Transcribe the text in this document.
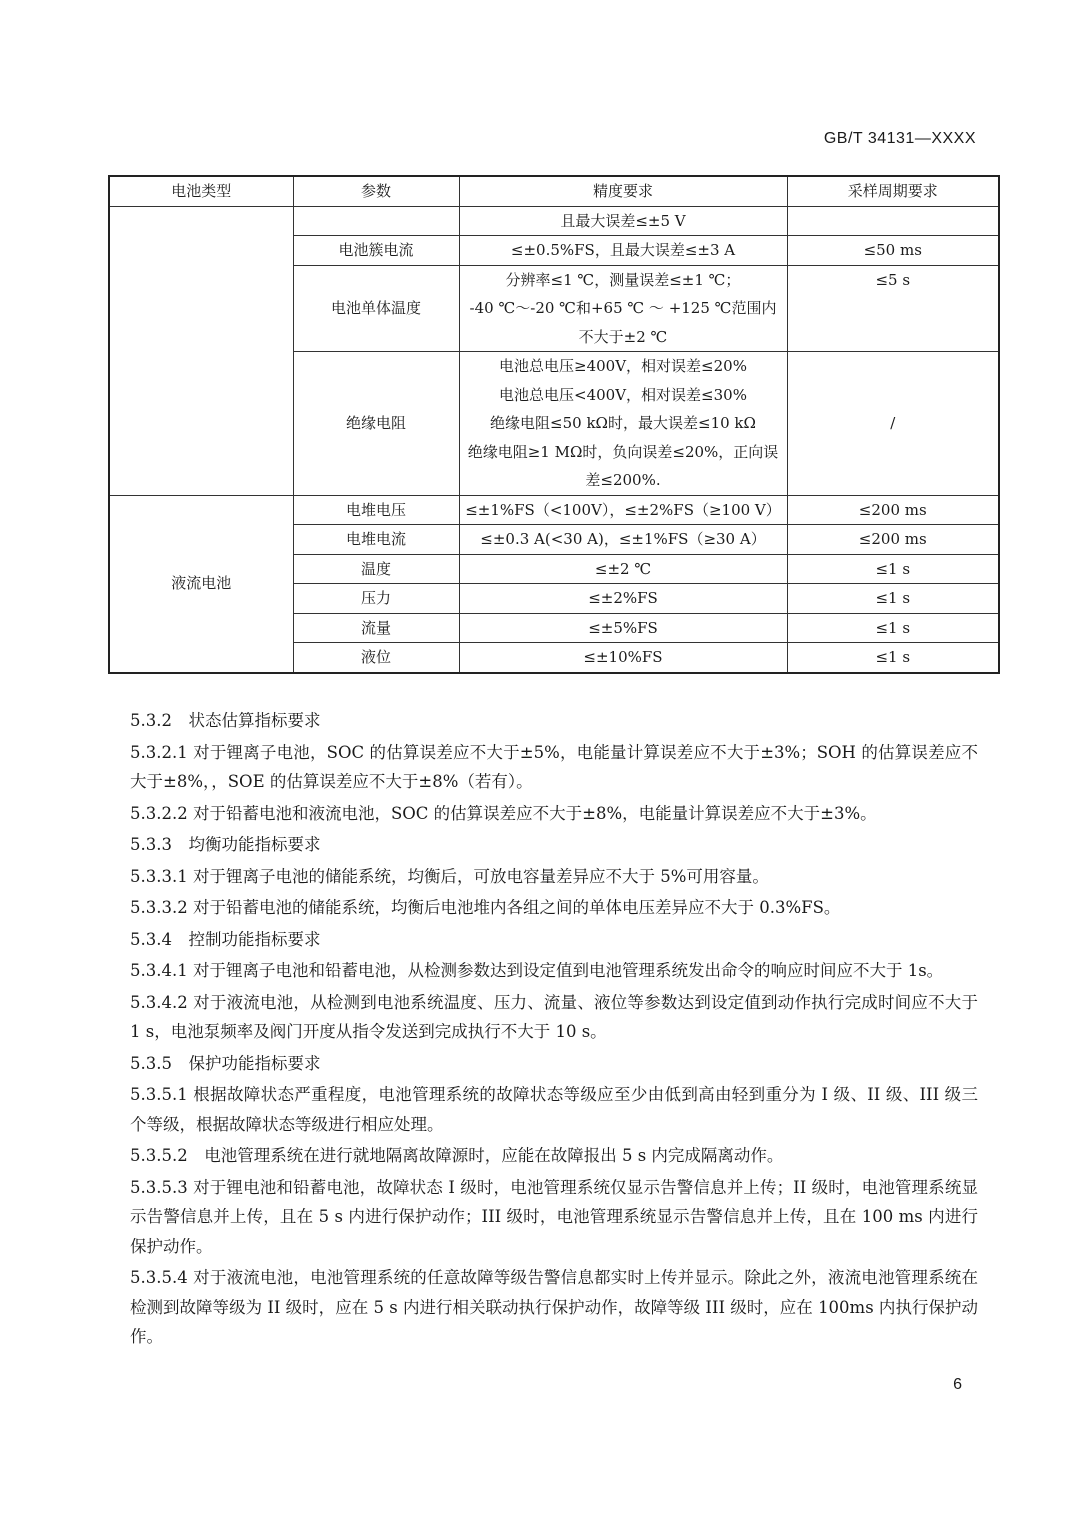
GB/T 34131—XXXX
电池类型	参数	精度要求	采样周期要求

		且最大误差≤±5 V	

	电池簇电流	≤±0.5%FS，且最大误差≤±3 A	≤50 ms
	电池单体温度	分辨率≤1 ℃，测量误差≤±1 ℃；
-40 ℃～-20 ℃和+65 ℃ ～ +125 ℃范围内
不大于±2 ℃	≤5 s
	绝缘电阻	电池总电压≥400V，相对误差≤20%
电池总电压<400V，相对误差≤30%
绝缘电阻≤50 kΩ时，最大误差≤10 kΩ
绝缘电阻≥1 MΩ时，负向误差≤20%，正向误
差≤200%.	/
液流电池	电堆电压	≤±1%FS（<100V），≤±2%FS（≥100 V）	≤200 ms
	电堆电流	≤±0.3 A(<30 A)，≤±1%FS（≥30 A）	≤200 ms
	温度	≤±2 ℃	≤1 s
	压力	≤±2%FS	≤1 s
	流量	≤±5%FS	≤1 s
	液位	≤±10%FS	≤1 s

5.3.2　状态估算指标要求

5.3.2.1 对于锂离子电池，SOC 的估算误差应不大于±5%，电能量计算误差应不大于±3%；SOH 的估算误差应不大于±8%，，SOE 的估算误差应不大于±8%（若有）。

5.3.2.2 对于铅蓄电池和液流电池，SOC 的估算误差应不大于±8%，电能量计算误差应不大于±3%。

5.3.3　均衡功能指标要求

5.3.3.1 对于锂离子电池的储能系统，均衡后，可放电容量差异应不大于 5%可用容量。

5.3.3.2 对于铅蓄电池的储能系统，均衡后电池堆内各组之间的单体电压差异应不大于 0.3%FS。

5.3.4　控制功能指标要求

5.3.4.1 对于锂离子电池和铅蓄电池，从检测参数达到设定值到电池管理系统发出命令的响应时间应不大于 1s。

5.3.4.2 对于液流电池，从检测到电池系统温度、压力、流量、液位等参数达到设定值到动作执行完成时间应不大于 1 s，电池泵频率及阀门开度从指令发送到完成执行不大于 10 s。

5.3.5　保护功能指标要求

5.3.5.1 根据故障状态严重程度，电池管理系统的故障状态等级应至少由低到高由轻到重分为 I 级、II 级、III 级三个等级，根据故障状态等级进行相应处理。

5.3.5.2　电池管理系统在进行就地隔离故障源时，应能在故障报出 5 s 内完成隔离动作。

5.3.5.3 对于锂电池和铅蓄电池，故障状态 I 级时，电池管理系统仅显示告警信息并上传；II 级时，电池管理系统显示告警信息并上传，且在 5 s 内进行保护动作；III 级时，电池管理系统显示告警信息并上传，且在 100 ms 内进行保护动作。

5.3.5.4 对于液流电池，电池管理系统的任意故障等级告警信息都实时上传并显示。除此之外，液流电池管理系统在检测到故障等级为 II 级时，应在 5 s 内进行相关联动执行保护动作，故障等级 III 级时，应在 100ms 内执行保护动作。

6
